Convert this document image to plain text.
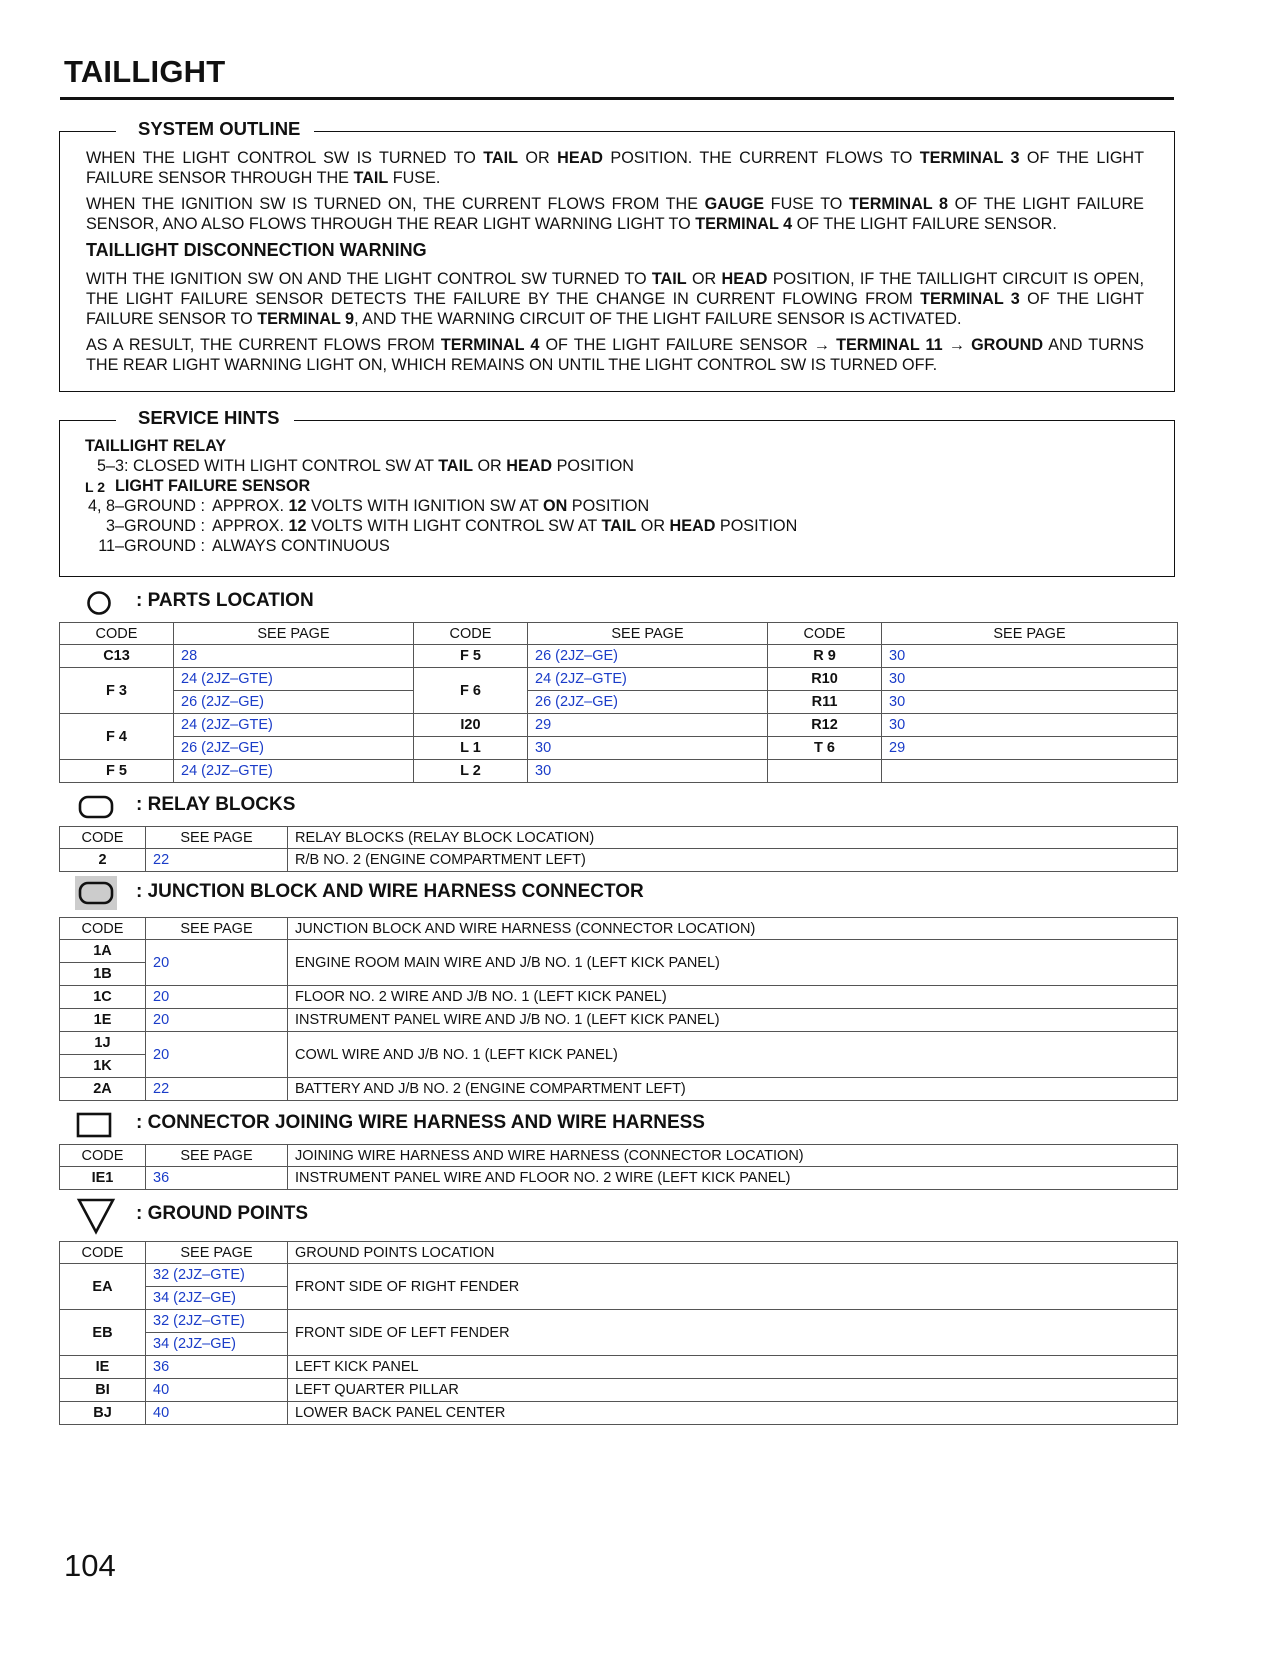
TAILLIGHT
SYSTEM OUTLINE
WHEN THE LIGHT CONTROL SW IS TURNED TO TAIL OR HEAD POSITION. THE CURRENT FLOWS TO TERMINAL 3 OF THE LIGHT FAILURE SENSOR THROUGH THE TAIL FUSE.
WHEN THE IGNITION SW IS TURNED ON, THE CURRENT FLOWS FROM THE GAUGE FUSE TO TERMINAL 8 OF THE LIGHT FAILURE SENSOR, ANO ALSO FLOWS THROUGH THE REAR LIGHT WARNING LIGHT TO TERMINAL 4 OF THE LIGHT FAILURE SENSOR.
TAILLIGHT DISCONNECTION WARNING
WITH THE IGNITION SW ON AND THE LIGHT CONTROL SW TURNED TO TAIL OR HEAD POSITION, IF THE TAILLIGHT CIRCUIT IS OPEN, THE LIGHT FAILURE SENSOR DETECTS THE FAILURE BY THE CHANGE IN CURRENT FLOWING FROM TERMINAL 3 OF THE LIGHT FAILURE SENSOR TO TERMINAL 9, AND THE WARNING CIRCUIT OF THE LIGHT FAILURE SENSOR IS ACTIVATED.
AS A RESULT, THE CURRENT FLOWS FROM TERMINAL 4 OF THE LIGHT FAILURE SENSOR → TERMINAL 11 → GROUND AND TURNS THE REAR LIGHT WARNING LIGHT ON, WHICH REMAINS ON UNTIL THE LIGHT CONTROL SW IS TURNED OFF.
SERVICE HINTS
TAILLIGHT RELAY
5–3: CLOSED WITH LIGHT CONTROL SW AT TAIL OR HEAD POSITION
L 2 LIGHT FAILURE SENSOR
4, 8–GROUND : APPROX. 12 VOLTS WITH IGNITION SW AT ON POSITION
3–GROUND : APPROX. 12 VOLTS WITH LIGHT CONTROL SW AT TAIL OR HEAD POSITION
11–GROUND : ALWAYS CONTINUOUS
: PARTS LOCATION
CODE	SEE PAGE	CODE	SEE PAGE	CODE	SEE PAGE
C13	28	F 5	26 (2JZ–GE)	R 9	30
F 3	24 (2JZ–GTE)	F 6	24 (2JZ–GTE)	R10	30
	26 (2JZ–GE)		26 (2JZ–GE)	R11	30
F 4	24 (2JZ–GTE)	I20	29	R12	30
	26 (2JZ–GE)	L 1	30	T 6	29
F 5	24 (2JZ–GTE)	L 2	30		
: RELAY BLOCKS
CODE	SEE PAGE	RELAY BLOCKS (RELAY BLOCK LOCATION)
2	22	R/B NO. 2 (ENGINE COMPARTMENT LEFT)
: JUNCTION BLOCK AND WIRE HARNESS CONNECTOR
CODE	SEE PAGE	JUNCTION BLOCK AND WIRE HARNESS (CONNECTOR LOCATION)
1A	20	ENGINE ROOM MAIN WIRE AND J/B NO. 1 (LEFT KICK PANEL)
1B		
1C	20	FLOOR NO. 2 WIRE AND J/B NO. 1 (LEFT KICK PANEL)
1E	20	INSTRUMENT PANEL WIRE AND J/B NO. 1 (LEFT KICK PANEL)
1J	20	COWL WIRE AND J/B NO. 1 (LEFT KICK PANEL)
1K		
2A	22	BATTERY AND J/B NO. 2 (ENGINE COMPARTMENT LEFT)
: CONNECTOR JOINING WIRE HARNESS AND WIRE HARNESS
CODE	SEE PAGE	JOINING WIRE HARNESS AND WIRE HARNESS (CONNECTOR LOCATION)
IE1	36	INSTRUMENT PANEL WIRE AND FLOOR NO. 2 WIRE (LEFT KICK PANEL)
: GROUND POINTS
CODE	SEE PAGE	GROUND POINTS LOCATION
EA	32 (2JZ–GTE)	FRONT SIDE OF RIGHT FENDER
	34 (2JZ–GE)	
EB	32 (2JZ–GTE)	FRONT SIDE OF LEFT FENDER
	34 (2JZ–GE)	
IE	36	LEFT KICK PANEL
BI	40	LEFT QUARTER PILLAR
BJ	40	LOWER BACK PANEL CENTER
104
